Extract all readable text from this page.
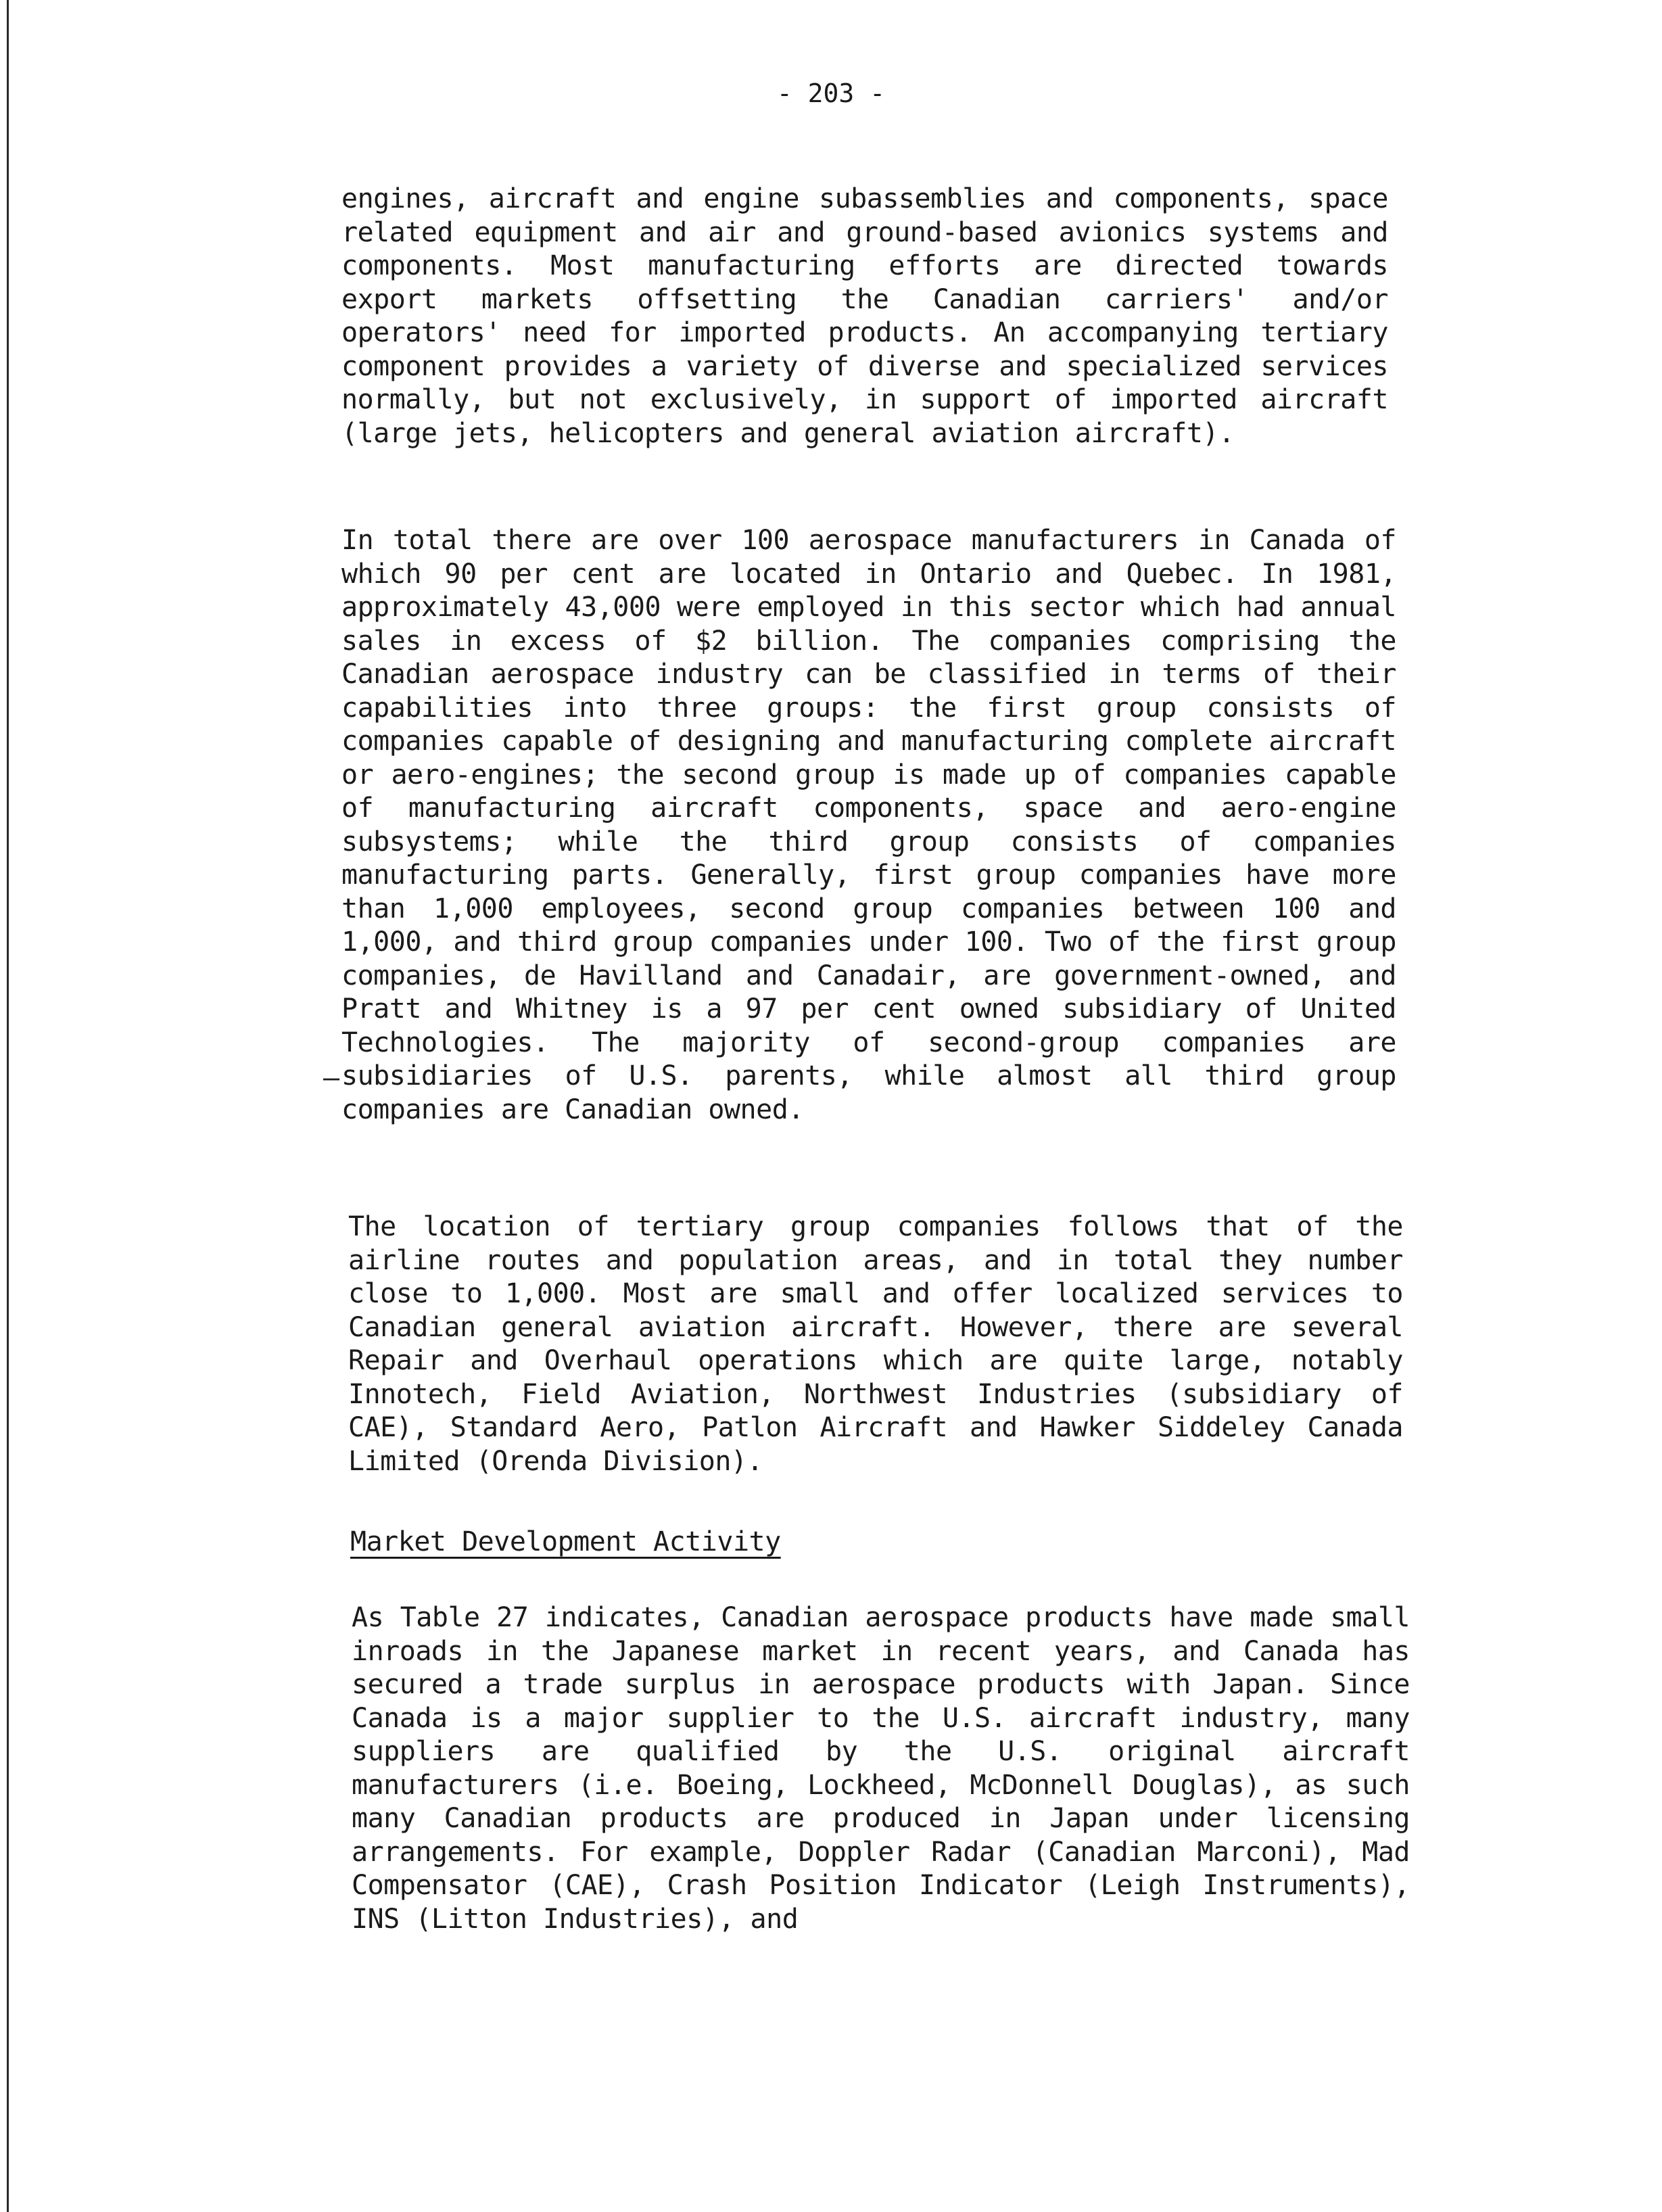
- 203 -

engines, aircraft and engine subassemblies and components, space related equipment and air and ground-based avionics systems and components. Most manufacturing efforts are directed towards export markets offsetting the Canadian carriers' and/or operators' need for imported products. An accompanying tertiary component provides a variety of diverse and specialized services normally, but not exclusively, in support of imported aircraft (large jets, helicopters and general aviation aircraft).

In total there are over 100 aerospace manufacturers in Canada of which 90 per cent are located in Ontario and Quebec. In 1981, approximately 43,000 were employed in this sector which had annual sales in excess of $2 billion. The companies comprising the Canadian aerospace industry can be classified in terms of their capabilities into three groups: the first group consists of companies capable of designing and manufacturing complete aircraft or aero-engines; the second group is made up of companies capable of manufacturing aircraft components, space and aero-engine subsystems; while the third group consists of companies manufacturing parts. Generally, first group companies have more than 1,000 employees, second group companies between 100 and 1,000, and third group companies under 100. Two of the first group companies, de Havilland and Canadair, are government-owned, and Pratt and Whitney is a 97 per cent owned subsidiary of United Technologies. The majority of second-group companies are subsidiaries of U.S. parents, while almost all third group companies are Canadian owned.

–

The location of tertiary group companies follows that of the airline routes and population areas, and in total they number close to 1,000. Most are small and offer localized services to Canadian general aviation aircraft. However, there are several Repair and Overhaul operations which are quite large, notably Innotech, Field Aviation, Northwest Industries (subsidiary of CAE), Standard Aero, Patlon Aircraft and Hawker Siddeley Canada Limited (Orenda Division).

Market Development Activity

As Table 27 indicates, Canadian aerospace products have made small inroads in the Japanese market in recent years, and Canada has secured a trade surplus in aerospace products with Japan. Since Canada is a major supplier to the U.S. aircraft industry, many suppliers are qualified by the U.S. original aircraft manufacturers (i.e. Boeing, Lockheed, McDonnell Douglas), as such many Canadian products are produced in Japan under licensing arrangements. For example, Doppler Radar (Canadian Marconi), Mad Compensator (CAE), Crash Position Indicator (Leigh Instruments), INS (Litton Industries), and
